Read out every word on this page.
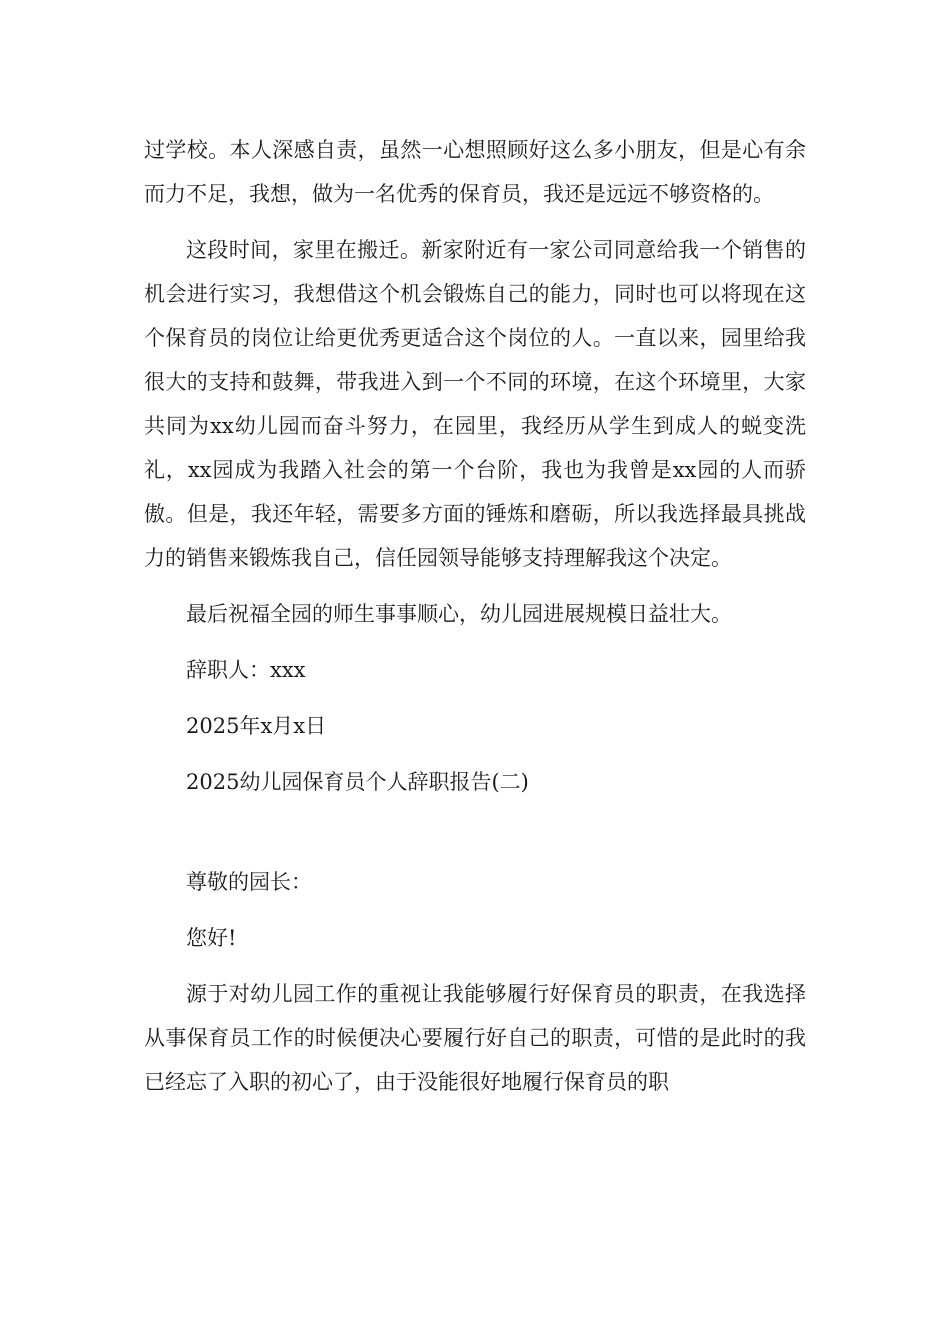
过学校。本人深感自责，虽然一心想照顾好这么多小朋友，但是心有余而力不足，我想，做为一名优秀的保育员，我还是远远不够资格的。

这段时间，家里在搬迁。新家附近有一家公司同意给我一个销售的机会进行实习，我想借这个机会锻炼自己的能力，同时也可以将现在这个保育员的岗位让给更优秀更适合这个岗位的人。一直以来，园里给我很大的支持和鼓舞，带我进入到一个不同的环境，在这个环境里，大家共同为xx幼儿园而奋斗努力，在园里，我经历从学生到成人的蜕变洗礼，xx园成为我踏入社会的第一个台阶，我也为我曾是xx园的人而骄傲。但是，我还年轻，需要多方面的锤炼和磨砺，所以我选择最具挑战力的销售来锻炼我自己，信任园领导能够支持理解我这个决定。

最后祝福全园的师生事事顺心，幼儿园进展规模日益壮大。

辞职人：xxx

2025年x月x日

2025幼儿园保育员个人辞职报告(二)

尊敬的园长：

您好!

源于对幼儿园工作的重视让我能够履行好保育员的职责，在我选择从事保育员工作的时候便决心要履行好自己的职责，可惜的是此时的我已经忘了入职的初心了，由于没能很好地履行保育员的职
